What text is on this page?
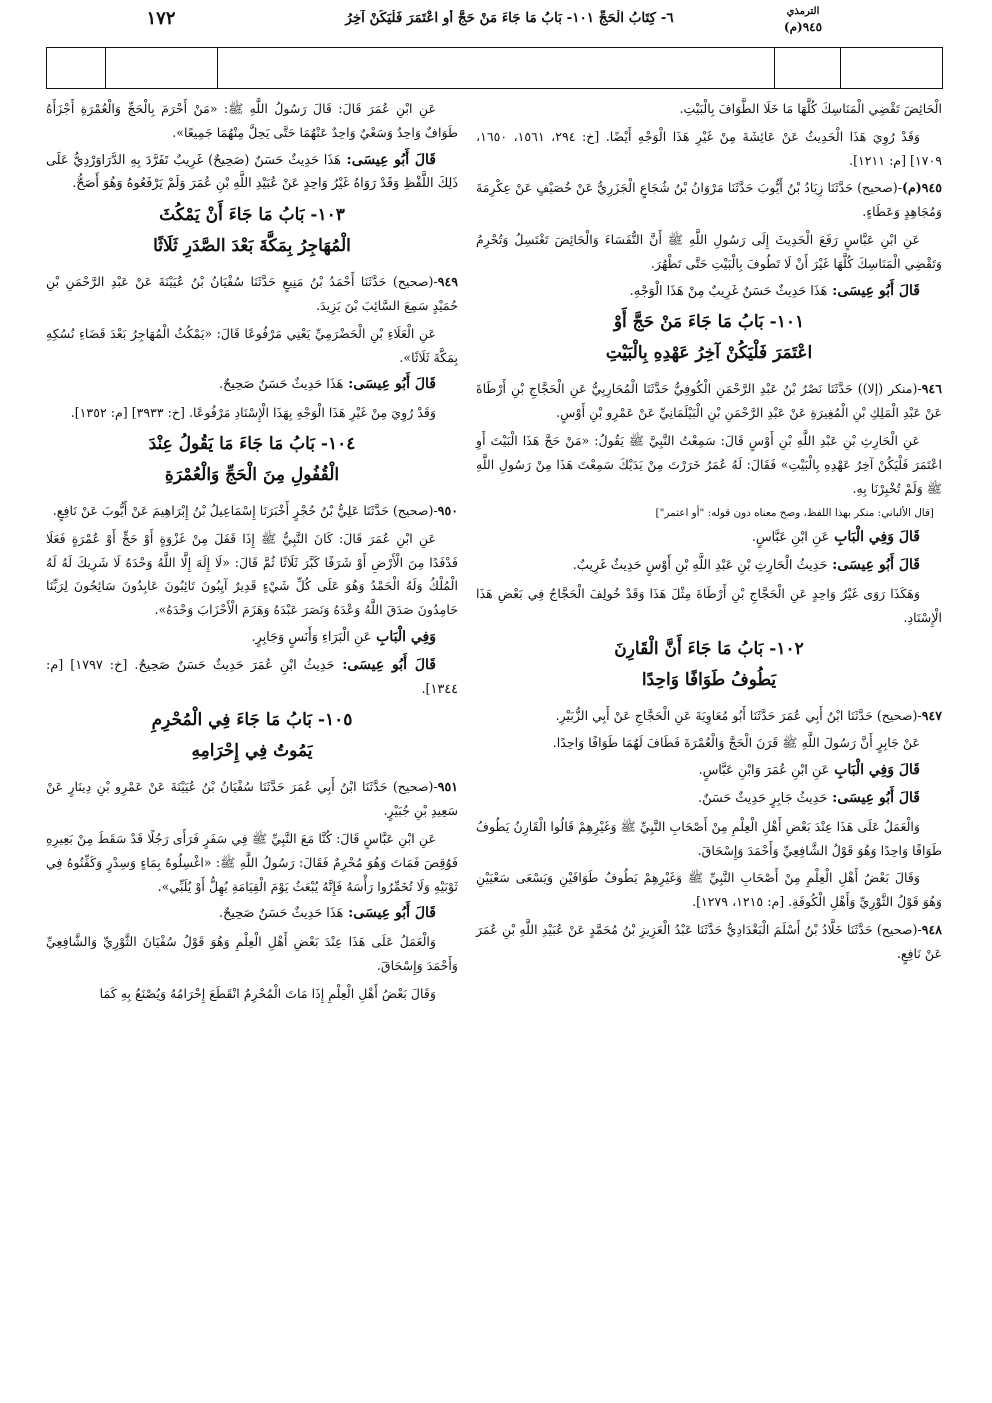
١٧٢	٦- كِتَابُ الْحَجِّ ١٠١- بَابُ مَا جَاءَ مَنْ حَجَّ أَوِ اعْتَمَرَ فَلْيَكُنْ آخِرُ	الترمذي
٩٤٥(م)

الْحَائِضَ تَقْضِي الْمَنَاسِكَ كُلَّهَا مَا خَلَا الطَّوَافَ بِالْبَيْتِ.

وَقَدْ رُوِيَ هَذَا الْحَدِيثُ عَنْ عَائِشَةَ مِنْ غَيْرِ هَذَا الْوَجْهِ أَيْضًا. [خ: ٢٩٤، ١٥٦١، ١٦٥٠، ١٧٠٩] [م: ١٢١١].

٩٤٥(م)-(صحيح) حَدَّثَنَا زِيَادُ بْنُ أَيُّوبَ حَدَّثَنَا مَرْوَانُ بْنُ شُجَاعٍ الْجَزَرِيُّ عَنْ خُصَيْفٍ عَنْ عِكْرِمَةَ وَمُجَاهِدٍ وَعَطَاءٍ.

عَنِ ابْنِ عَبَّاسٍ رَفَعَ الْحَدِيثَ إِلَى رَسُولِ اللَّهِ ﷺ أَنَّ النُّفَسَاءَ وَالْحَائِضَ تَغْتَسِلُ وَتُحْرِمُ وَتَقْضِي الْمَنَاسِكَ كُلَّهَا غَيْرَ أَنْ لَا تَطُوفَ بِالْبَيْتِ حَتَّى تَطْهُرَ.

قَالَ أَبُو عِيسَى: هَذَا حَدِيثٌ حَسَنٌ غَرِيبٌ مِنْ هَذَا الْوَجْهِ.

١٠١- بَابُ مَا جَاءَ مَنْ حَجَّ أَوْ
اعْتَمَرَ فَلْيَكُنْ آخِرُ عَهْدِهِ بِالْبَيْتِ

٩٤٦-(منكر (إلا)) حَدَّثَنَا نَصْرُ بْنُ عَبْدِ الرَّحْمَنِ الْكُوفِيُّ حَدَّثَنَا الْمُحَارِبِيُّ عَنِ الْحَجَّاجِ بْنِ أَرْطَاةَ عَنْ عَبْدِ الْمَلِكِ بْنِ الْمُغِيرَةِ عَنْ عَبْدِ الرَّحْمَنِ بْنِ الْبَيْلَمَانِيِّ عَنْ عَمْرِو بْنِ أَوْسٍ.

عَنِ الْحَارِثِ بْنِ عَبْدِ اللَّهِ بْنِ أَوْسٍ قَالَ: سَمِعْتُ النَّبِيَّ ﷺ يَقُولُ: «مَنْ حَجَّ هَذَا الْبَيْتَ أَوِ اعْتَمَرَ فَلْيَكُنْ آخِرُ عَهْدِهِ بِالْبَيْتِ» فَقَالَ: لَهُ عُمَرُ خَرَرْتَ مِنْ يَدَيْكَ سَمِعْتَ هَذَا مِنْ رَسُولِ اللَّهِ ﷺ وَلَمْ تُخْبِرْنَا بِهِ.

[قال الألباني: منكر بهذا اللفظ، وصح معناه دون قوله: "أو اعتمر"]

قَالَ وَفِي الْبَابِ عَنِ ابْنِ عَبَّاسٍ.

قَالَ أَبُو عِيسَى: حَدِيثُ الْحَارِثِ بْنِ عَبْدِ اللَّهِ بْنِ أَوْسٍ حَدِيثٌ غَرِيبٌ.

وَهَكَذَا رَوَى غَيْرُ وَاحِدٍ عَنِ الْحَجَّاجِ بْنِ أَرْطَاةَ مِثْلَ هَذَا وَقَدْ خُولِفَ الْحَجَّاجُ فِي بَعْضِ هَذَا الْإِسْنَادِ.

١٠٢- بَابُ مَا جَاءَ أَنَّ الْقَارِنَ
يَطُوفُ طَوَافًا وَاحِدًا

٩٤٧-(صحيح) حَدَّثَنَا ابْنُ أَبِي عُمَرَ حَدَّثَنَا أَبُو مُعَاوِيَةَ عَنِ الْحَجَّاجِ عَنْ أَبِي الزُّبَيْرِ.

عَنْ جَابِرٍ أَنَّ رَسُولَ اللَّهِ ﷺ قَرَنَ الْحَجَّ وَالْعُمْرَةَ فَطَافَ لَهُمَا طَوَافًا وَاحِدًا.

قَالَ وَفِي الْبَابِ عَنِ ابْنِ عُمَرَ وَابْنِ عَبَّاسٍ.

قَالَ أَبُو عِيسَى: حَدِيثُ جَابِرٍ حَدِيثٌ حَسَنٌ.

وَالْعَمَلُ عَلَى هَذَا عِنْدَ بَعْضِ أَهْلِ الْعِلْمِ مِنْ أَصْحَابِ النَّبِيِّ ﷺ وَغَيْرِهِمْ قَالُوا الْقَارِنُ يَطُوفُ طَوَافًا وَاحِدًا وَهُوَ قَوْلُ الشَّافِعِيِّ وَأَحْمَدَ وَإِسْحَاقَ.

وَقَالَ بَعْضُ أَهْلِ الْعِلْمِ مِنْ أَصْحَابِ النَّبِيِّ ﷺ وَغَيْرِهِمْ يَطُوفُ طَوَافَيْنِ وَيَسْعَى سَعْيَيْنِ وَهُوَ قَوْلُ الثَّوْرِيِّ وَأَهْلِ الْكُوفَةِ. [م: ١٢١٥، ١٢٧٩].

٩٤٨-(صحيح) حَدَّثَنَا خَلَّادُ بْنُ أَسْلَمَ الْبَغْدَادِيُّ حَدَّثَنَا عَبْدُ الْعَزِيزِ بْنُ مُحَمَّدٍ عَنْ عُبَيْدِ اللَّهِ بْنِ عُمَرَ عَنْ نَافِعٍ.

عَنِ ابْنِ عُمَرَ قَالَ: قَالَ رَسُولُ اللَّهِ ﷺ: «مَنْ أَحْرَمَ بِالْحَجِّ وَالْعُمْرَةِ أَجْزَأَهُ طَوَافٌ وَاحِدٌ وَسَعْيٌ وَاحِدٌ عَنْهُمَا حَتَّى يَحِلَّ مِنْهُمَا جَمِيعًا».

قَالَ أَبُو عِيسَى: هَذَا حَدِيثٌ حَسَنٌ (صَحِيحٌ) غَرِيبٌ تَفَرَّدَ بِهِ الدَّرَاوَرْدِيُّ عَلَى ذَلِكَ اللَّفْظِ وَقَدْ رَوَاهُ غَيْرُ وَاحِدٍ عَنْ عُبَيْدِ اللَّهِ بْنِ عُمَرَ وَلَمْ يَرْفَعُوهُ وَهُوَ أَصَحُّ.

١٠٣- بَابُ مَا جَاءَ أَنْ يَمْكُثَ
الْمُهَاجِرُ بِمَكَّةَ بَعْدَ الصَّدَرِ ثَلَاثًا

٩٤٩-(صحيح) حَدَّثَنَا أَحْمَدُ بْنُ مَنِيعٍ حَدَّثَنَا سُفْيَانُ بْنُ عُيَيْنَةَ عَنْ عَبْدِ الرَّحْمَنِ بْنِ حُمَيْدٍ سَمِعَ السَّائِبَ بْنَ يَزِيدَ.

عَنِ الْعَلَاءِ بْنِ الْحَضْرَمِيِّ يَعْنِي مَرْفُوعًا قَالَ: «يَمْكُثُ الْمُهَاجِرُ بَعْدَ قَضَاءِ نُسُكِهِ بِمَكَّةَ ثَلَاثًا».

قَالَ أَبُو عِيسَى: هَذَا حَدِيثٌ حَسَنٌ صَحِيحٌ.

وَقَدْ رُوِيَ مِنْ غَيْرِ هَذَا الْوَجْهِ بِهَذَا الْإِسْنَادِ مَرْفُوعًا. [خ: ٣٩٣٣] [م: ١٣٥٢].

١٠٤- بَابُ مَا جَاءَ مَا يَقُولُ عِنْدَ
الْقُفُولِ مِنَ الْحَجِّ وَالْعُمْرَةِ

٩٥٠-(صحيح) حَدَّثَنَا عَلِيُّ بْنُ حُجْرٍ أَخْبَرَنَا إِسْمَاعِيلُ بْنُ إِبْرَاهِيمَ عَنْ أَيُّوبَ عَنْ نَافِعٍ.

عَنِ ابْنِ عُمَرَ قَالَ: كَانَ النَّبِيُّ ﷺ إِذَا قَفَلَ مِنْ غَزْوَةٍ أَوْ حَجٍّ أَوْ عُمْرَةٍ فَعَلَا فَدْفَدًا مِنَ الْأَرْضِ أَوْ شَرَفًا كَبَّرَ ثَلَاثًا ثُمَّ قَالَ: «لَا إِلَهَ إِلَّا اللَّهُ وَحْدَهُ لَا شَرِيكَ لَهُ لَهُ الْمُلْكُ وَلَهُ الْحَمْدُ وَهُوَ عَلَى كُلِّ شَيْءٍ قَدِيرٌ آيِبُونَ تَائِبُونَ عَابِدُونَ سَائِحُونَ لِرَبِّنَا حَامِدُونَ صَدَقَ اللَّهُ وَعْدَهُ وَنَصَرَ عَبْدَهُ وَهَزَمَ الْأَحْزَابَ وَحْدَهُ».

وَفِي الْبَابِ عَنِ الْبَرَاءِ وَأَنَسٍ وَجَابِرٍ.

قَالَ أَبُو عِيسَى: حَدِيثُ ابْنِ عُمَرَ حَدِيثٌ حَسَنٌ صَحِيحٌ. [خ: ١٧٩٧] [م: ١٣٤٤].

١٠٥- بَابُ مَا جَاءَ فِي الْمُحْرِمِ
يَمُوتُ فِي إِحْرَامِهِ

٩٥١-(صحيح) حَدَّثَنَا ابْنُ أَبِي عُمَرَ حَدَّثَنَا سُفْيَانُ بْنُ عُيَيْنَةَ عَنْ عَمْرِو بْنِ دِينَارٍ عَنْ سَعِيدِ بْنِ جُبَيْرٍ.

عَنِ ابْنِ عَبَّاسٍ قَالَ: كُنَّا مَعَ النَّبِيِّ ﷺ فِي سَفَرٍ فَرَأَى رَجُلًا قَدْ سَقَطَ مِنْ بَعِيرِهِ فَوُقِصَ فَمَاتَ وَهُوَ مُحْرِمٌ فَقَالَ: رَسُولُ اللَّهِ ﷺ: «اغْسِلُوهُ بِمَاءٍ وَسِدْرٍ وَكَفِّنُوهُ فِي ثَوْبَيْهِ وَلَا تُخَمِّرُوا رَأْسَهُ فَإِنَّهُ يُبْعَثُ يَوْمَ الْقِيَامَةِ يُهِلُّ أَوْ يُلَبِّي».

قَالَ أَبُو عِيسَى: هَذَا حَدِيثٌ حَسَنٌ صَحِيحٌ.

وَالْعَمَلُ عَلَى هَذَا عِنْدَ بَعْضِ أَهْلِ الْعِلْمِ وَهُوَ قَوْلُ سُفْيَانَ الثَّوْرِيِّ وَالشَّافِعِيِّ وَأَحْمَدَ وَإِسْحَاقَ.

وَقَالَ بَعْضُ أَهْلِ الْعِلْمِ إِذَا مَاتَ الْمُحْرِمُ انْقَطَعَ إِحْرَامُهُ وَيُصْنَعُ بِهِ كَمَا
